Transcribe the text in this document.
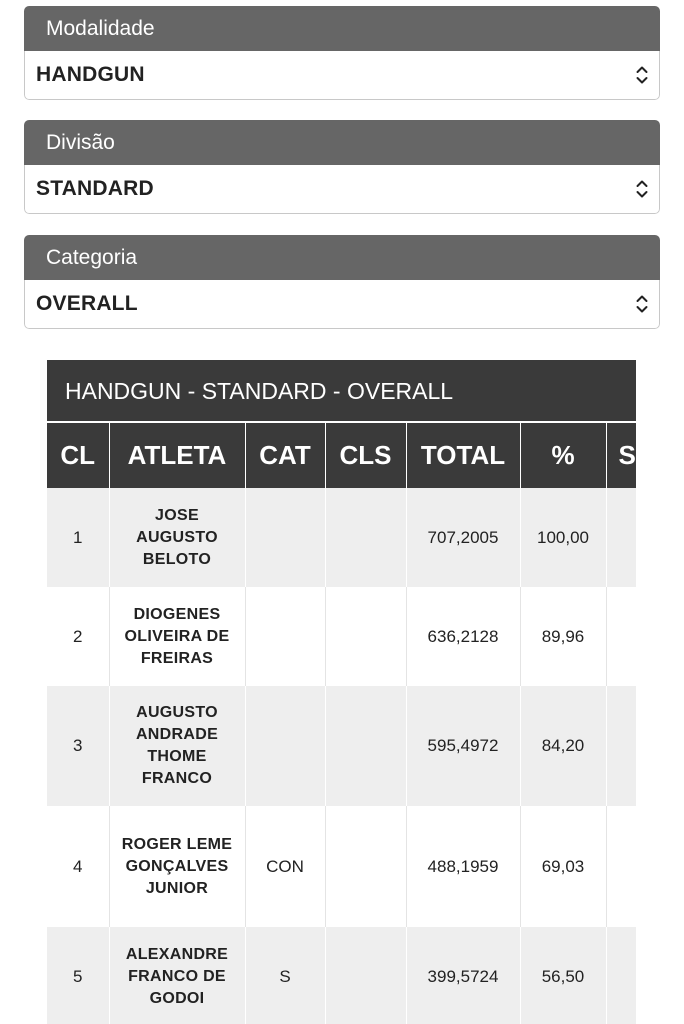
Modalidade
HANDGUN
Divisão
STANDARD
Categoria
OVERALL
HANDGUN - STANDARD - OVERALL
CL	ATLETA	CAT	CLS	TOTAL	%	S
1	JOSE AUGUSTO BELOTO			707,2005	100,00	
2	DIOGENES OLIVEIRA DE FREIRAS			636,2128	89,96	
3	AUGUSTO ANDRADE THOME FRANCO			595,4972	84,20	
4	ROGER LEME GONÇALVES JUNIOR	CON		488,1959	69,03	
5	ALEXANDRE FRANCO DE GODOI	S		399,5724	56,50	
